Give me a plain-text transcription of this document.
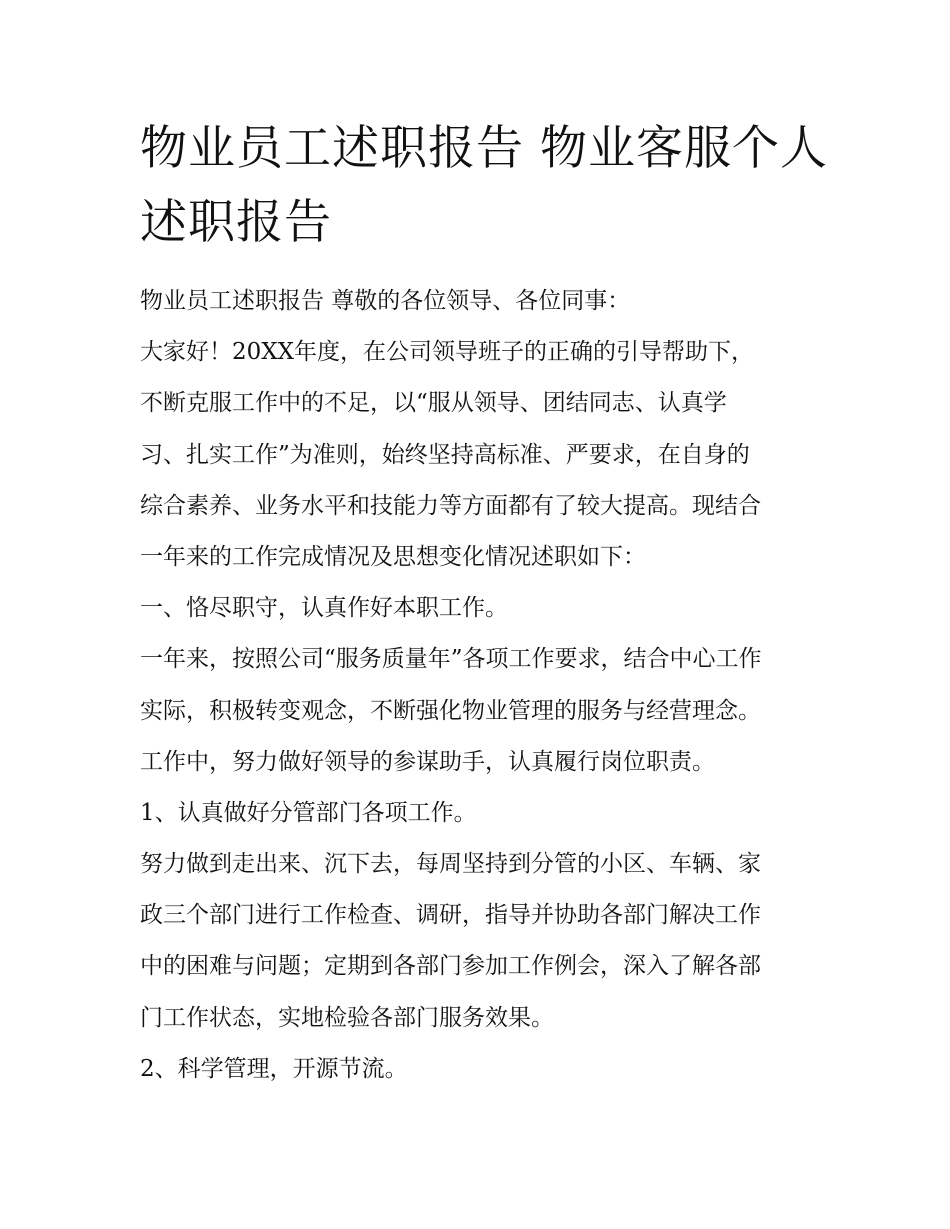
物业员工述职报告 物业客服个人述职报告

物业员工述职报告 尊敬的各位领导、各位同事：

大家好！20XX年度，在公司领导班子的正确的引导帮助下，

不断克服工作中的不足，以“服从领导、团结同志、认真学

习、扎实工作”为准则，始终坚持高标准、严要求，在自身的

综合素养、业务水平和技能力等方面都有了较大提高。现结合

一年来的工作完成情况及思想变化情况述职如下：

一、恪尽职守，认真作好本职工作。

一年来，按照公司“服务质量年”各项工作要求，结合中心工作

实际，积极转变观念，不断强化物业管理的服务与经营理念。

工作中，努力做好领导的参谋助手，认真履行岗位职责。

1、认真做好分管部门各项工作。

努力做到走出来、沉下去，每周坚持到分管的小区、车辆、家

政三个部门进行工作检查、调研，指导并协助各部门解决工作

中的困难与问题；定期到各部门参加工作例会，深入了解各部

门工作状态，实地检验各部门服务效果。

2、科学管理，开源节流。
